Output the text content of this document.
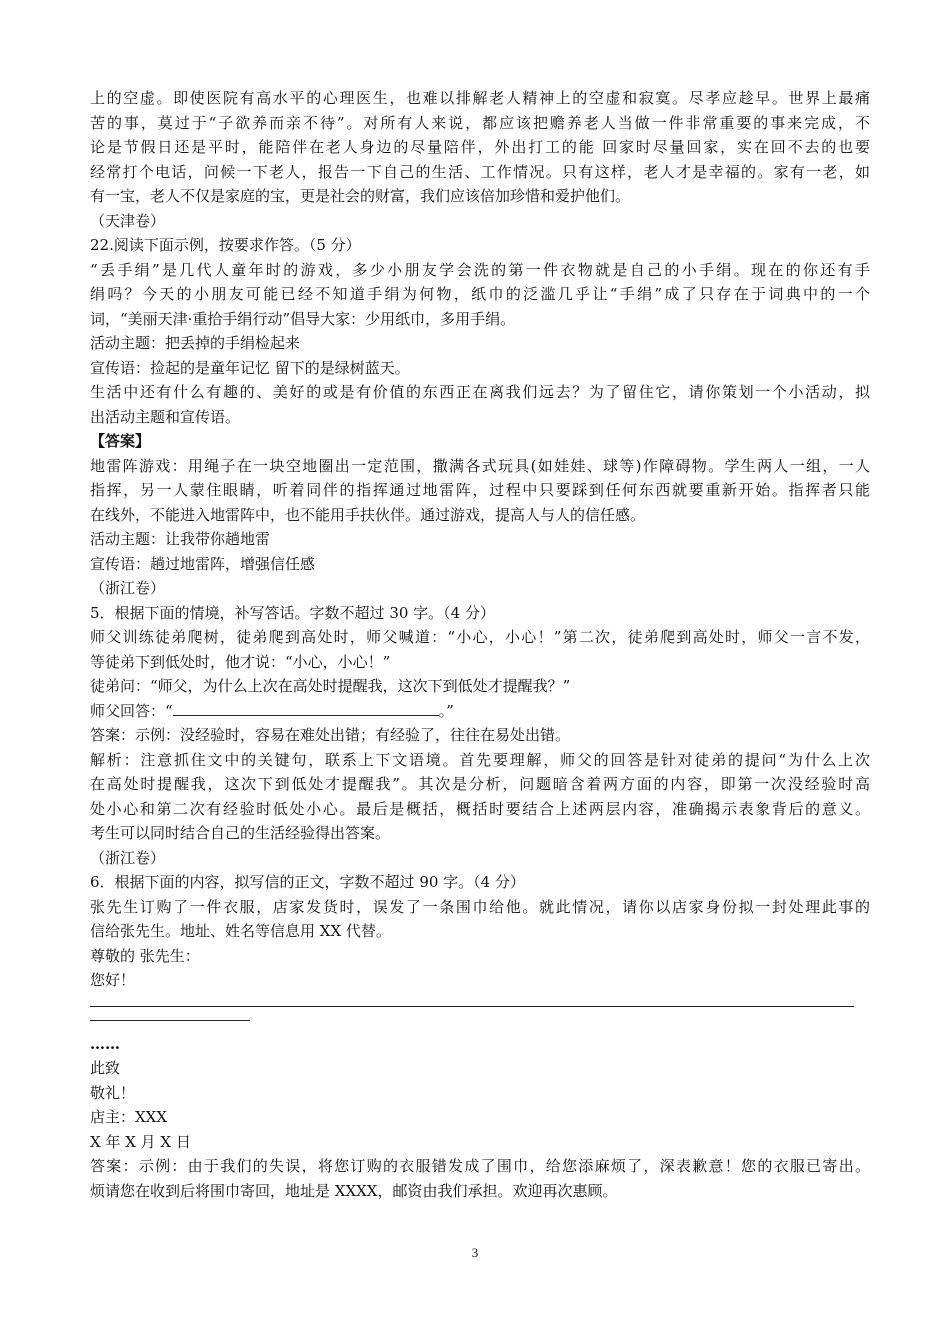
上的空虚。即使医院有高水平的心理医生，也难以排解老人精神上的空虚和寂寞。尽孝应趁早。世界上最痛
苦的事，莫过于“子欲养而亲不待”。对所有人来说，都应该把赡养老人当做一件非常重要的事来完成，不
论是节假日还是平时，能陪伴在老人身边的尽量陪伴，外出打工的能 回家时尽量回家，实在回不去的也要
经常打个电话，问候一下老人，报告一下自己的生活、工作情况。只有这样，老人才是幸福的。家有一老，如
有一宝，老人不仅是家庭的宝，更是社会的财富，我们应该倍加珍惜和爱护他们。
（天津卷）
22.阅读下面示例，按要求作答。（5 分）
“丢手绢”是几代人童年时的游戏，多少小朋友学会洗的第一件衣物就是自己的小手绢。现在的你还有手
绢吗？今天的小朋友可能已经不知道手绢为何物，纸巾的泛滥几乎让“手绢”成了只存在于词典中的一个
词，“美丽天津·重拾手绢行动”倡导大家：少用纸巾，多用手绢。
活动主题：把丢掉的手绢检起来
宣传语：捡起的是童年记忆 留下的是绿树蓝天。
生活中还有什么有趣的、美好的或是有价值的东西正在离我们远去？为了留住它，请你策划一个小活动，拟
出活动主题和宣传语。
【答案】
地雷阵游戏：用绳子在一块空地圈出一定范围，撒满各式玩具(如娃娃、球等)作障碍物。学生两人一组，一人
指挥，另一人蒙住眼睛，听着同伴的指挥通过地雷阵，过程中只要踩到任何东西就要重新开始。指挥者只能
在线外，不能进入地雷阵中，也不能用手扶伙伴。通过游戏，提高人与人的信任感。
活动主题：让我带你趟地雷
宣传语：趟过地雷阵，增强信任感
（浙江卷）
5．根据下面的情境，补写答话。字数不超过 30 字。（4 分）
师父训练徒弟爬树，徒弟爬到高处时，师父喊道：“小心，小心！”第二次，徒弟爬到高处时，师父一言不发，
等徒弟下到低处时，他才说：“小心，小心！”
徒弟问：“师父，为什么上次在高处时提醒我，这次下到低处才提醒我？”
师父回答：“	。”
答案：示例：没经验时，容易在难处出错；有经验了，往往在易处出错。
解析：注意抓住文中的关键句，联系上下文语境。首先要理解，师父的回答是针对徒弟的提问“为什么上次
在高处时提醒我，这次下到低处才提醒我”。其次是分析，问题暗含着两方面的内容，即第一次没经验时高
处小心和第二次有经验时低处小心。最后是概括，概括时要结合上述两层内容，准确揭示表象背后的意义。
考生可以同时结合自己的生活经验得出答案。
（浙江卷）
6．根据下面的内容，拟写信的正文，字数不超过 90 字。（4 分）
张先生订购了一件衣服，店家发货时，误发了一条围巾给他。就此情况，请你以店家身份拟一封处理此事的
信给张先生。地址、姓名等信息用 XX 代替。
尊敬的 张先生：
您好！
……
此致
敬礼！
店主：XXX
X 年 X 月 X 日
答案：示例：由于我们的失误，将您订购的衣服错发成了围巾，给您添麻烦了，深表歉意！您的衣服已寄出。
烦请您在收到后将围巾寄回，地址是 XXXX，邮资由我们承担。欢迎再次惠顾。
3
